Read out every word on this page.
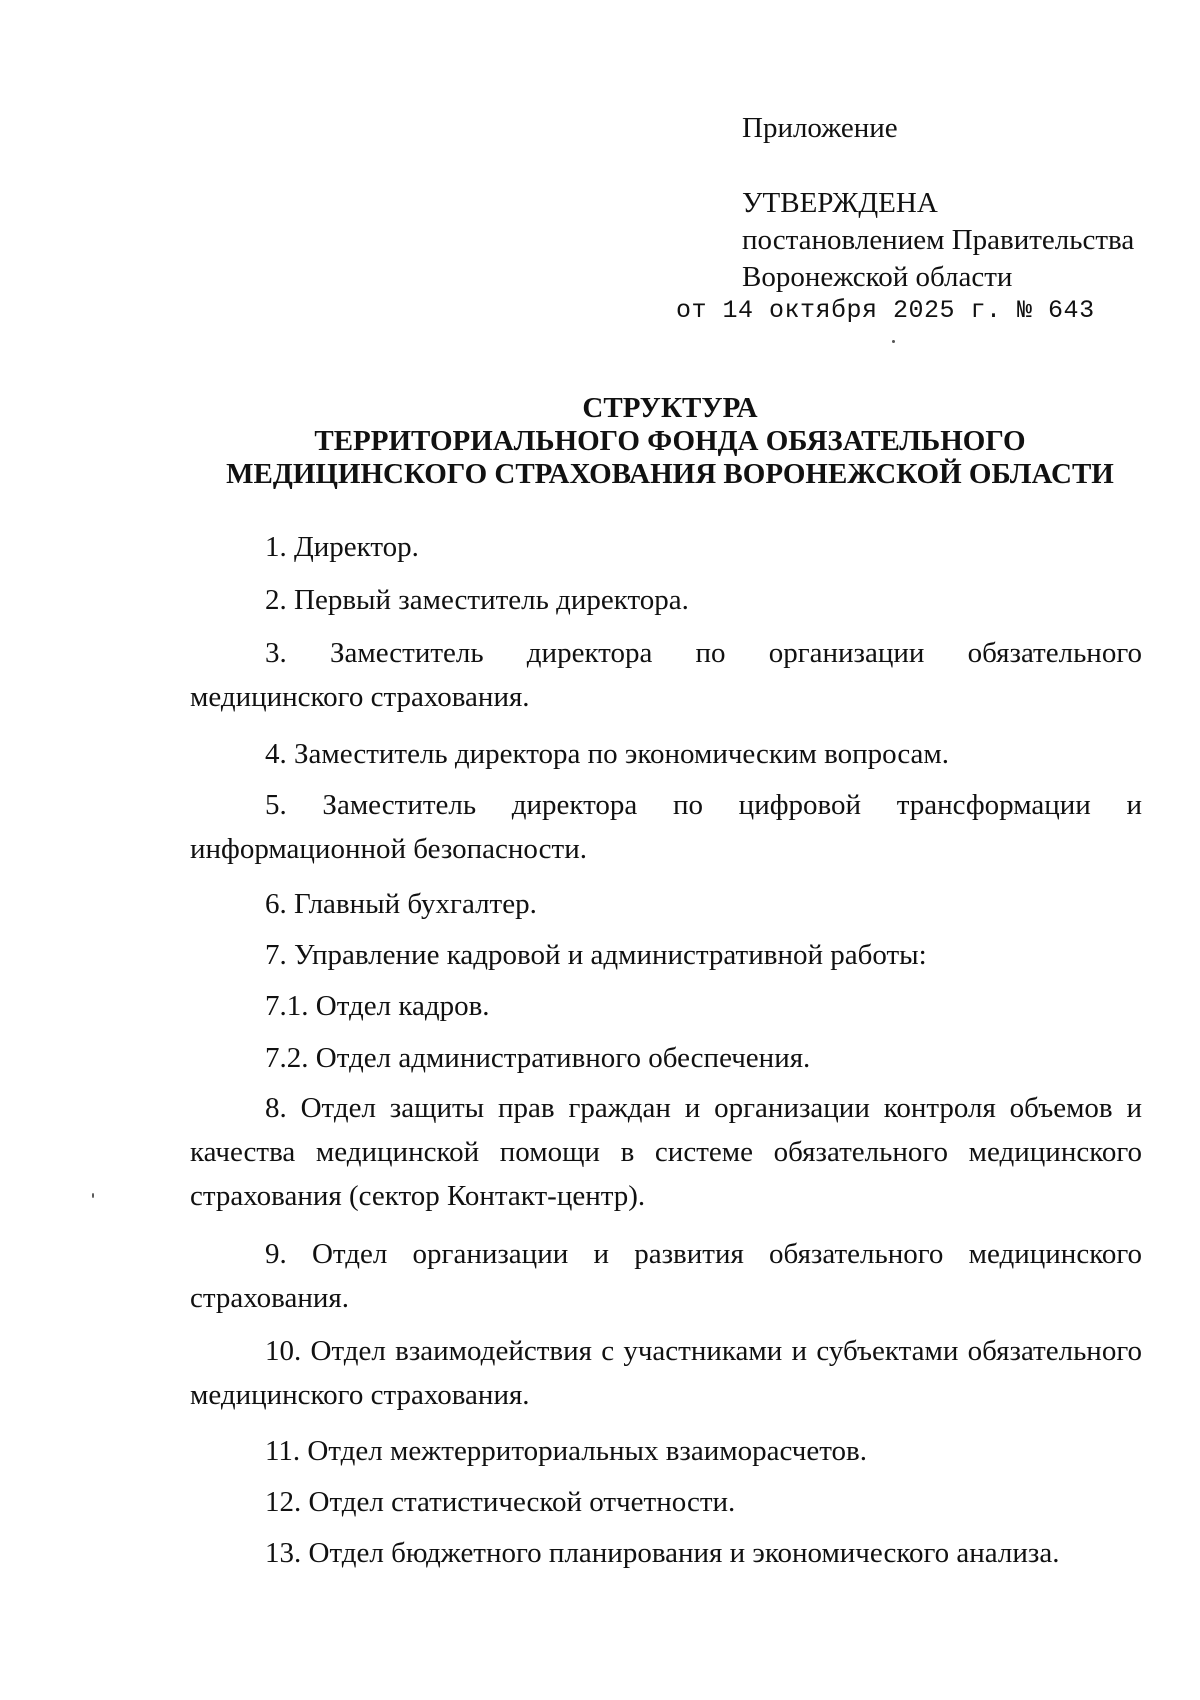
Приложение
УТВЕРЖДЕНА
постановлением Правительства
Воронежской области
от 14 октября 2025 г. № 643
СТРУКТУРА
ТЕРРИТОРИАЛЬНОГО ФОНДА ОБЯЗАТЕЛЬНОГО
МЕДИЦИНСКОГО СТРАХОВАНИЯ ВОРОНЕЖСКОЙ ОБЛАСТИ
1. Директор.
2. Первый заместитель директора.
3. Заместитель директора по организации обязательного медицинского страхования.
4. Заместитель директора по экономическим вопросам.
5. Заместитель директора по цифровой трансформации и информационной безопасности.
6. Главный бухгалтер.
7. Управление кадровой и административной работы:
7.1. Отдел кадров.
7.2. Отдел административного обеспечения.
8. Отдел защиты прав граждан и организации контроля объемов и качества медицинской помощи в системе обязательного медицинского страхования (сектор Контакт-центр).
9. Отдел организации и развития обязательного медицинского страхования.
10. Отдел взаимодействия с участниками и субъектами обязательного медицинского страхования.
11. Отдел межтерриториальных взаиморасчетов.
12. Отдел статистической отчетности.
13. Отдел бюджетного планирования и экономического анализа.
